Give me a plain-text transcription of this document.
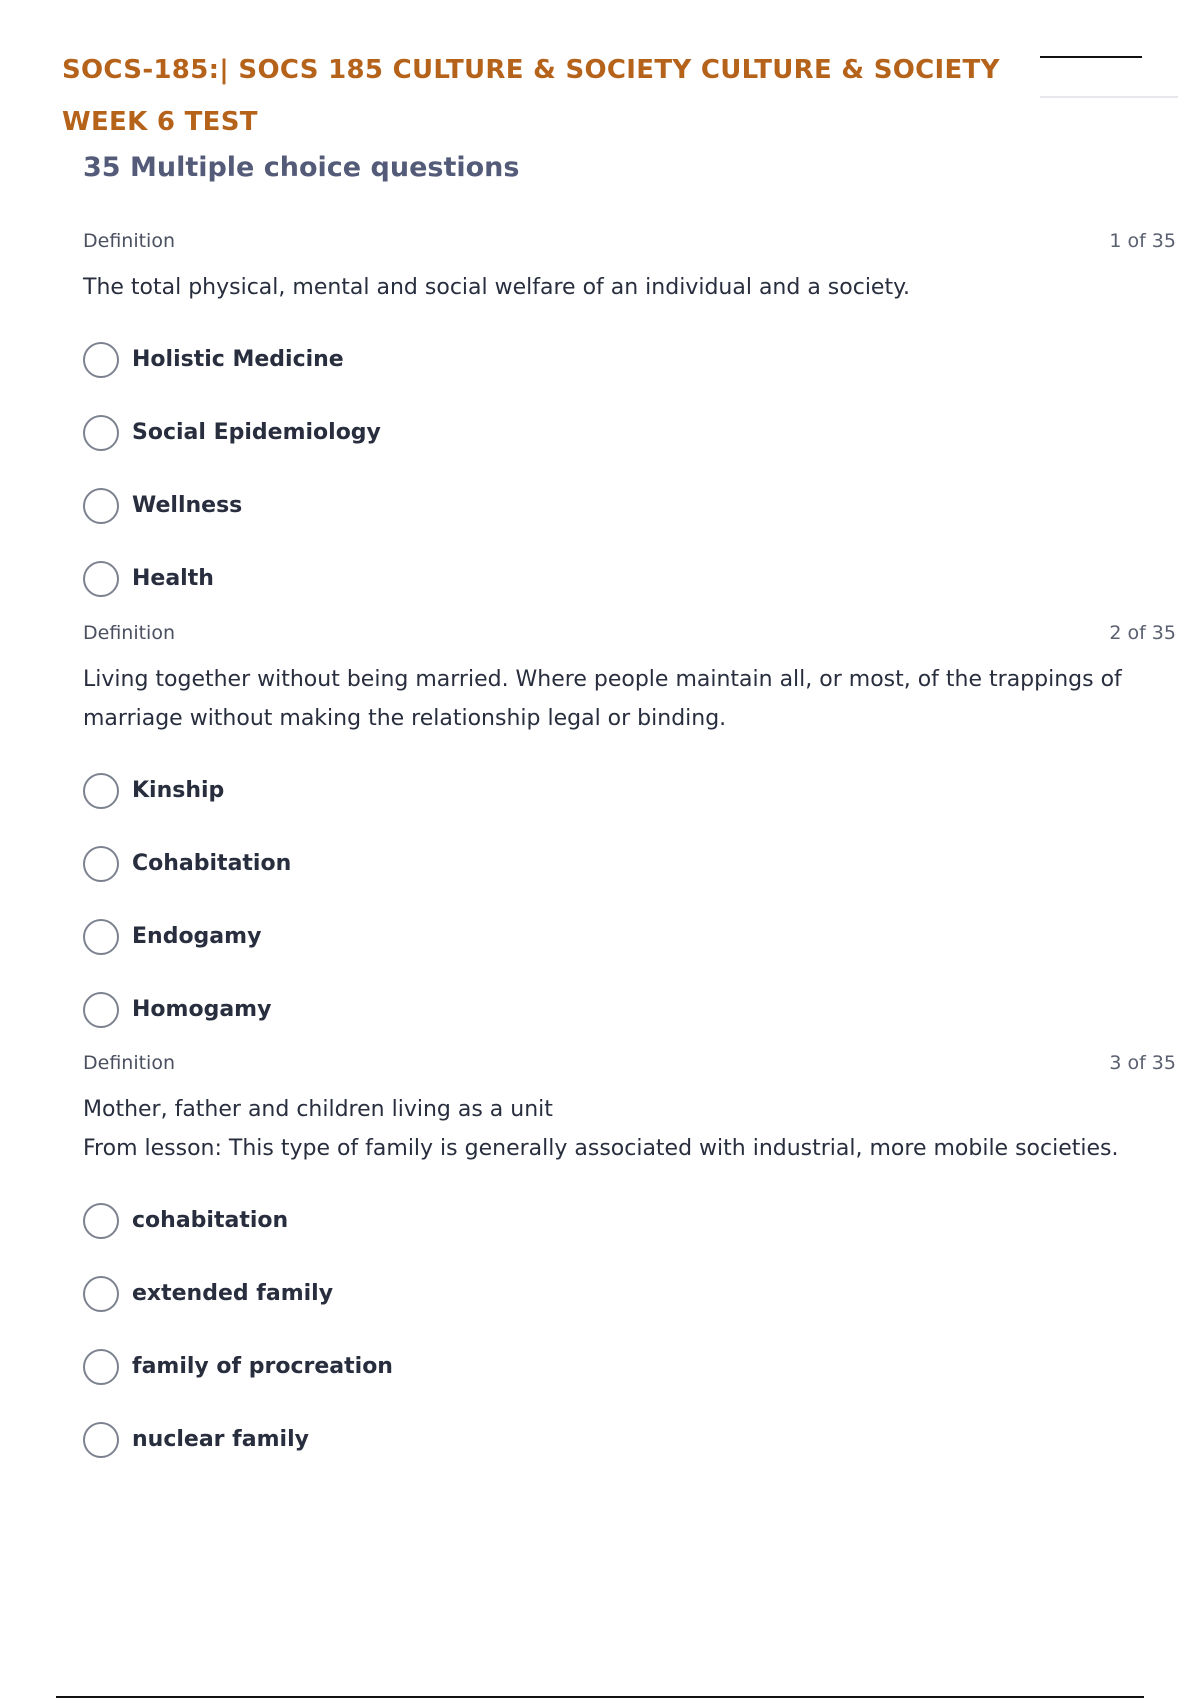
SOCS-185:| SOCS 185 CULTURE & SOCIETY CULTURE & SOCIETY
WEEK 6 TEST
35 Multiple choice questions
Definition	1 of 35
The total physical, mental and social welfare of an individual and a society.
Holistic Medicine
Social Epidemiology
Wellness
Health
Definition	2 of 35
Living together without being married. Where people maintain all, or most, of the trappings of marriage without making the relationship legal or binding.
Kinship
Cohabitation
Endogamy
Homogamy
Definition	3 of 35
Mother, father and children living as a unit
From lesson: This type of family is generally associated with industrial, more mobile societies.
cohabitation
extended family
family of procreation
nuclear family
